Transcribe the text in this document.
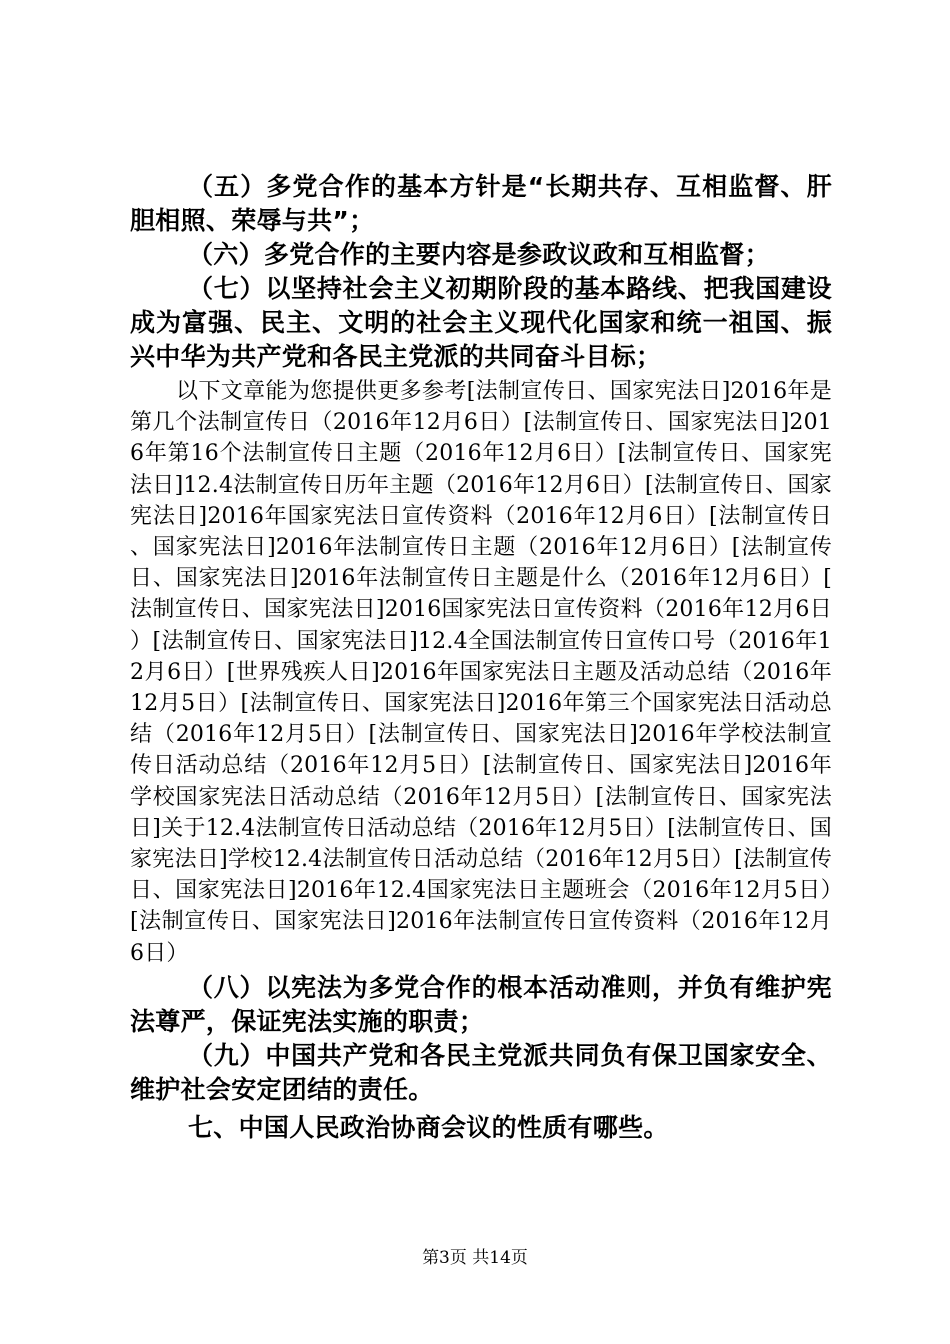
（五）多党合作的基本方针是“长期共存、互相监督、肝胆相照、荣辱与共”；

（六）多党合作的主要内容是参政议政和互相监督；

（七）以坚持社会主义初期阶段的基本路线、把我国建设成为富强、民主、文明的社会主义现代化国家和统一祖国、振兴中华为共产党和各民主党派的共同奋斗目标；

以下文章能为您提供更多参考[法制宣传日、国家宪法日]2016年是第几个法制宣传日（2016年12月6日）[法制宣传日、国家宪法日]2016年第16个法制宣传日主题（2016年12月6日）[法制宣传日、国家宪法日]12.4法制宣传日历年主题（2016年12月6日）[法制宣传日、国家宪法日]2016年国家宪法日宣传资料（2016年12月6日）[法制宣传日、国家宪法日]2016年法制宣传日主题（2016年12月6日）[法制宣传日、国家宪法日]2016年法制宣传日主题是什么（2016年12月6日）[法制宣传日、国家宪法日]2016国家宪法日宣传资料（2016年12月6日）[法制宣传日、国家宪法日]12.4全国法制宣传日宣传口号（2016年12月6日）[世界残疾人日]2016年国家宪法日主题及活动总结（2016年12月5日）[法制宣传日、国家宪法日]2016年第三个国家宪法日活动总结（2016年12月5日）[法制宣传日、国家宪法日]2016年学校法制宣传日活动总结（2016年12月5日）[法制宣传日、国家宪法日]2016年学校国家宪法日活动总结（2016年12月5日）[法制宣传日、国家宪法日]关于12.4法制宣传日活动总结（2016年12月5日）[法制宣传日、国家宪法日]学校12.4法制宣传日活动总结（2016年12月5日）[法制宣传日、国家宪法日]2016年12.4国家宪法日主题班会（2016年12月5日）[法制宣传日、国家宪法日]2016年法制宣传日宣传资料（2016年12月6日）

（八）以宪法为多党合作的根本活动准则，并负有维护宪法尊严，保证宪法实施的职责；

（九）中国共产党和各民主党派共同负有保卫国家安全、维护社会安定团结的责任。

七、中国人民政治协商会议的性质有哪些。

第3页 共14页
